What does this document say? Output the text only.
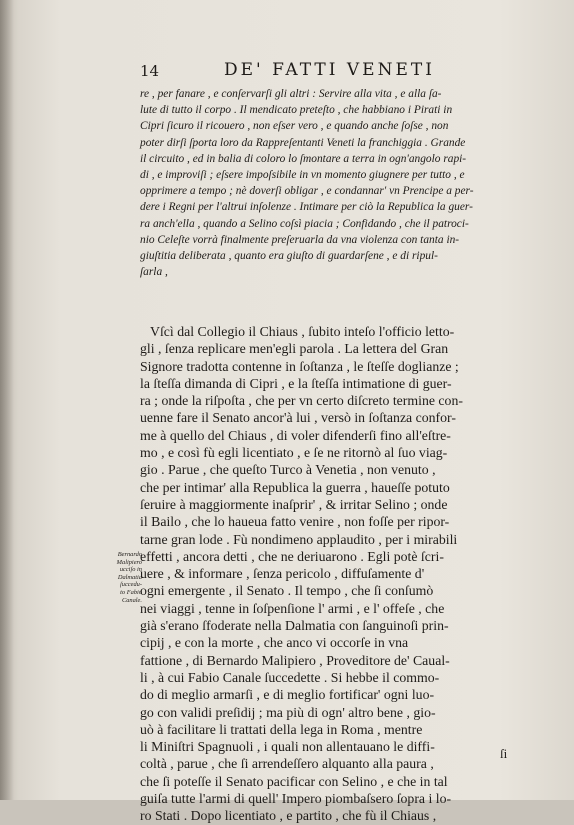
14	DE' FATTI VENETI
re , per fanare , e conſervarſi gli altri : Servire alla vita , e alla ſa-
lute di tutto il corpo . Il mendicato preteſto , che habbiano i Pirati in
Cipri ſicuro il ricouero , non eſser vero , e quando anche ſoſse , non
poter dirſi ſporta loro da Rappreſentanti Veneti la franchiggia . Grande
il circuito , ed in balia di coloro lo ſmontare a terra in ogn'angolo rapi-
di , e improviſi ; eſsere impoſsibile in vn momento giugnere per tutto , e
opprimere a tempo ; nè doverſi obligar , e condannar' vn Prencipe a per-
dere i Regni per l'altrui inſolenze . Intimare per ciò la Republica la guer-
ra anch'ella , quando a Selino coſsì piacia ; Confidando , che il patroci-
nio Celeſte vorrà finalmente preſeruarla da vna violenza con tanta in-
giuſtitia deliberata , quanto era giuſto di guardarſene , e di ripul-
ſarla ,
Vſcì dal Collegio il Chiaus , ſubito inteſo l'officio letto-
gli , ſenza replicare men'egli parola . La lettera del Gran
Signore tradotta contenne in ſoſtanza , le ſteſſe doglianze ;
la ſteſſa dimanda di Cipri , e la ſteſſa intimatione di guer-
ra ; onde la riſpoſta , che per vn certo diſcreto termine con-
uenne fare il Senato ancor'à lui , versò in ſoſtanza confor-
me à quello del Chiaus , di voler difenderſi fino all'eſtre-
mo , e così fù egli licentiato , e ſe ne ritornò al ſuo viag-
gio . Parue , che queſto Turco à Venetia , non venuto ,
che per intimar' alla Republica la guerra , haueſſe potuto
ſeruire à maggiormente inaſprir' , & irritar Selino ; onde
il Bailo , che lo haueua fatto venire , non foſſe per ripor-
tarne gran lode . Fù nondimeno applaudito , per i mirabili
effetti , ancora detti , che ne deriuarono . Egli potè ſcri-
uere , & informare , ſenza pericolo , diffuſamente d'
ogni emergente , il Senato . Il tempo , che ſi conſumò
nei viaggi , tenne in ſoſpenſione l' armi , e l' offeſe , che
già s'erano ſfoderate nella Dalmatia con ſanguinoſi prin-
cipij , e con la morte , che anco vi occorſe in vna
fattione , di Bernardo Malipiero , Proveditore de' Caual-
li , à cui Fabio Canale ſuccedette . Si hebbe il commo-
do di meglio armarſi , e di meglio fortificar' ogni luo-
go con validi preſidij ; ma più di ogn' altro bene , gio-
uò à facilitare li trattati della lega in Roma , mentre
li Miniſtri Spagnuoli , i quali non allentauano le diffi-
coltà , parue , che ſi arrendeſſero alquanto alla paura ,
che ſi poteſſe il Senato pacificar con Selino , e che in tal
guiſa tutte l'armi di quell' Impero piombaſsero ſopra i lo-
ro Stati . Dopo licentiato , e partito , che fù il Chiaus ,
Bernardo
Malipiero
ucciſo in
Dalmatia
ſuccedu-
to Fabio
Canale.
ſi
